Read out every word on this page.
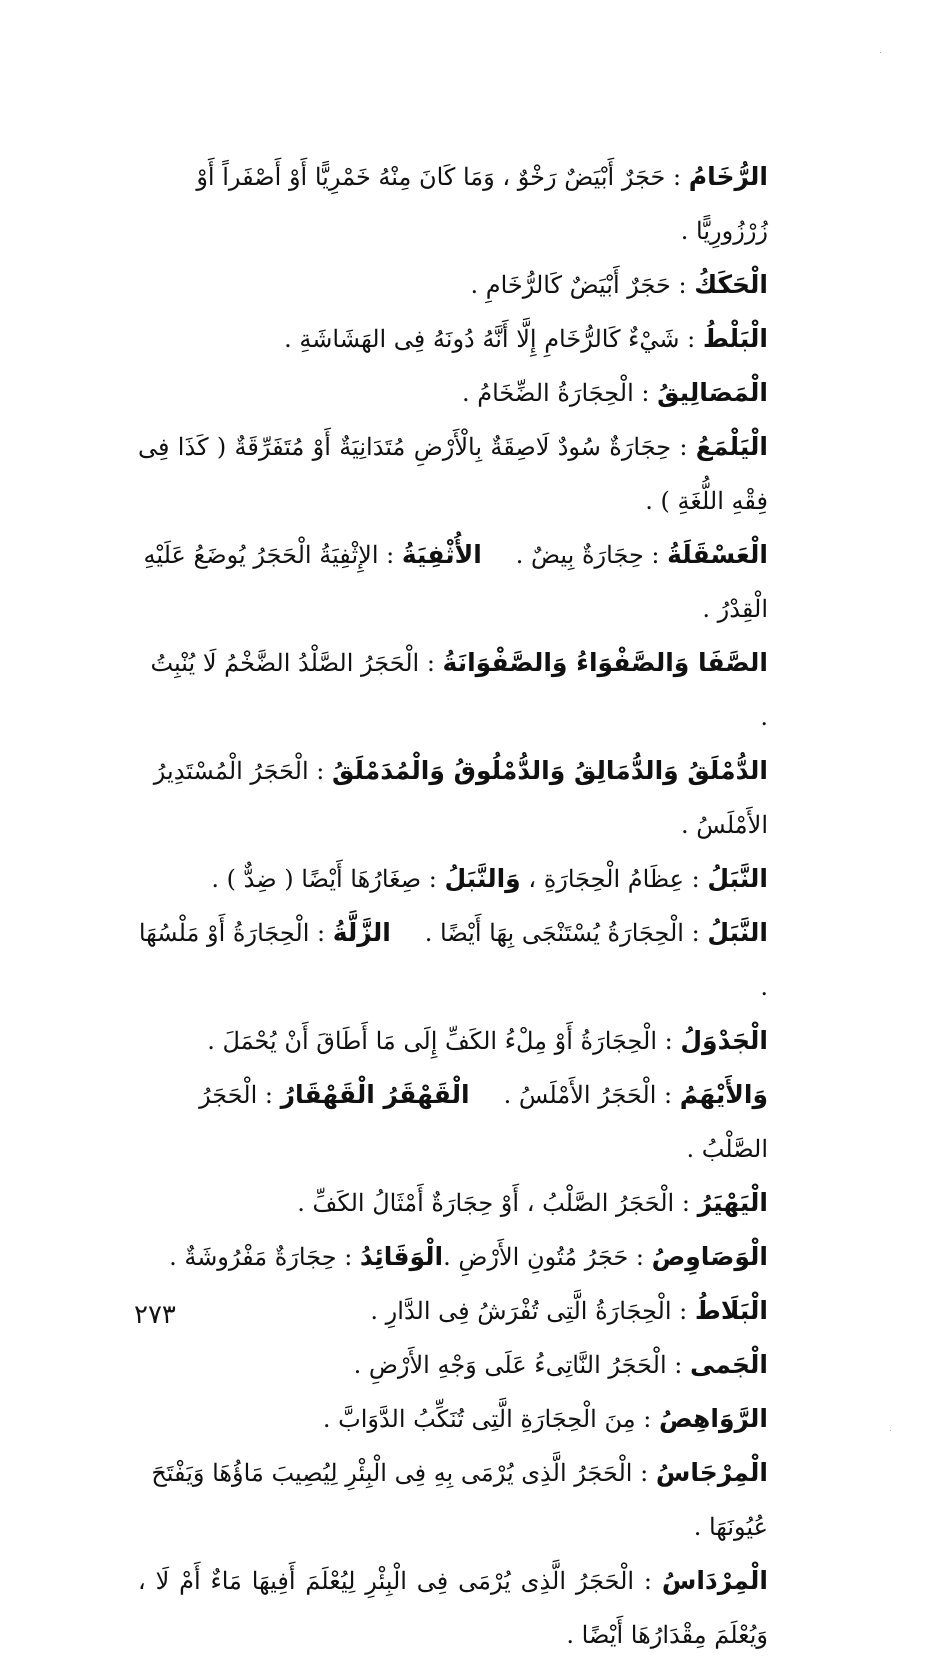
الرُّخَامُ : حَجَرٌ أَبْيَضٌ رَخْوٌ ، وَمَا كَانَ مِنْهُ خَمْرِيًّا أَوْ أَصْفَراً أَوْ زُرْزُورِيًّا .

الْحَكَكُ : حَجَرٌ أَبْيَضٌ كَالرُّخَامِ .

الْبَلْطُ : شَيْءٌ كَالرُّخَامِ إِلَّا أَنَّهُ دُونَهُ فِى الهَشَاشَةِ .

الْمَصَالِيقُ : الْحِجَارَةُ الضِّخَامُ .

الْيَلْمَعُ : حِجَارَةٌ سُودٌ لَاصِقَةٌ بِالْأَرْضِ مُتَدَانِيَةٌ أَوْ مُتَفَرِّقَةٌ ( كَذَا فِى فِقْهِ اللُّغَةِ ) .

الْعَسْقَلَةُ : حِجَارَةٌ بِيضٌ .الأُثْفِيَةُ : الإِثْفِيَةُ الْحَجَرُ يُوضَعُ عَلَيْهِ الْقِدْرُ .

الصَّفَا وَالصَّفْوَاءُ وَالصَّفْوَانَةُ : الْحَجَرُ الصَّلْدُ الضَّخْمُ لَا يُنْبِتُ .

الدُّمْلَقُ وَالدُّمَالِقُ وَالدُّمْلُوقُ وَالْمُدَمْلَقُ : الْحَجَرُ الْمُسْتَدِيرُ الأَمْلَسُ .

النَّبَلُ : عِظَامُ الْحِجَارَةِ ، وَالنَّبَلُ : صِغَارُهَا أَيْضًا ( ضِدٌّ ) .

النَّبَلُ : الْحِجَارَةُ يُسْتَنْجَى بِهَا أَيْضًا .الزَّلَّةُ : الْحِجَارَةُ أَوْ مَلْسُهَا .

الْجَدْوَلُ : الْحِجَارَةُ أَوْ مِلْءُ الكَفِّ إِلَى مَا أَطَاقَ أَنْ يُحْمَلَ .

وَالأَيْهَمُ : الْحَجَرُ الأَمْلَسُ .الْقَهْقَرُ الْقَهْقَارُ : الْحَجَرُ الصَّلْبُ .

الْيَهْيَرُ : الْحَجَرُ الصَّلْبُ ، أَوْ حِجَارَةٌ أَمْثَالُ الكَفِّ .

الْوَصَاوِصُ : حَجَرُ مُتُونِ الأَرْضِ .الْوَقَائِدُ : حِجَارَةٌ مَفْرُوشَةٌ .

الْبَلَاطُ : الْحِجَارَةُ الَّتِى تُفْرَشُ فِى الدَّارِ .

الْجَمى : الْحَجَرُ النَّاتِىءُ عَلَى وَجْهِ الأَرْضِ .

الرَّوَاهِصُ : مِنَ الْحِجَارَةِ الَّتِى تُنَكِّبُ الدَّوَابَّ .

الْمِرْجَاسُ : الْحَجَرُ الَّذِى يُرْمَى بِهِ فِى الْبِئْرِ لِيُصِيبَ مَاؤُهَا وَيَفْتَحَ عُيُونَهَا .

الْمِرْدَاسُ : الْحَجَرُ الَّذِى يُرْمَى فِى الْبِئْرِ لِيُعْلَمَ أَفِيهَا مَاءٌ أَمْ لَا ، وَيُعْلَمَ مِقْدَارُهَا أَيْضًا .

٢٧٣
